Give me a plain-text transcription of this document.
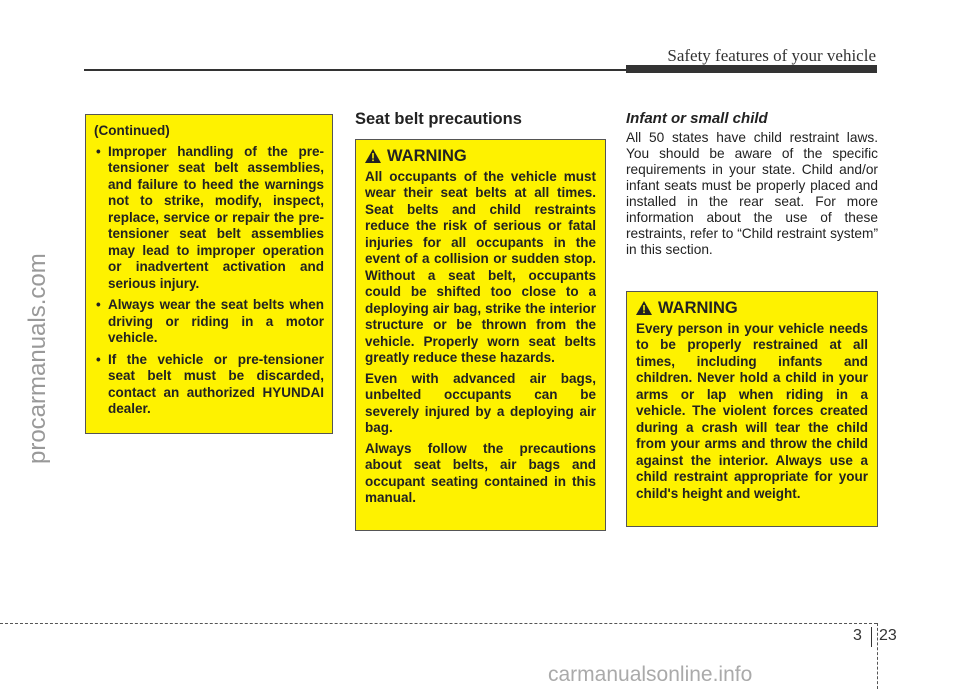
Safety features of your vehicle
procarmanuals.com

(Continued)

• Improper handling of the pre-tensioner seat belt assemblies, and failure to heed the warnings not to strike, modify, inspect, replace, service or repair the pre-tensioner seat belt assemblies may lead to improper operation or inadvertent activation and serious injury.
• Always wear the seat belts when driving or riding in a motor vehicle.
• If the vehicle or pre-tensioner seat belt must be discarded, contact an authorized HYUNDAI dealer.
Seat belt precautions
WARNING

All occupants of the vehicle must wear their seat belts at all times. Seat belts and child restraints reduce the risk of serious or fatal injuries for all occupants in the event of a collision or sudden stop. Without a seat belt, occupants could be shifted too close to a deploying air bag, strike the interior structure or be thrown from the vehicle. Properly worn seat belts greatly reduce these hazards.

Even with advanced air bags, unbelted occupants can be severely injured by a deploying air bag.

Always follow the precautions about seat belts, air bags and occupant seating contained in this manual.

Infant or small child
All 50 states have child restraint laws. You should be aware of the specific requirements in your state. Child and/or infant seats must be properly placed and installed in the rear seat. For more information about the use of these restraints, refer to “Child restraint system” in this section.
WARNING

Every person in your vehicle needs to be properly restrained at all times, including infants and children. Never hold a child in your arms or lap when riding in a vehicle. The violent forces created during a crash will tear the child from your arms and throw the child against the interior. Always use a child restraint appropriate for your child's height and weight.

3 23
carmanualsonline.info
